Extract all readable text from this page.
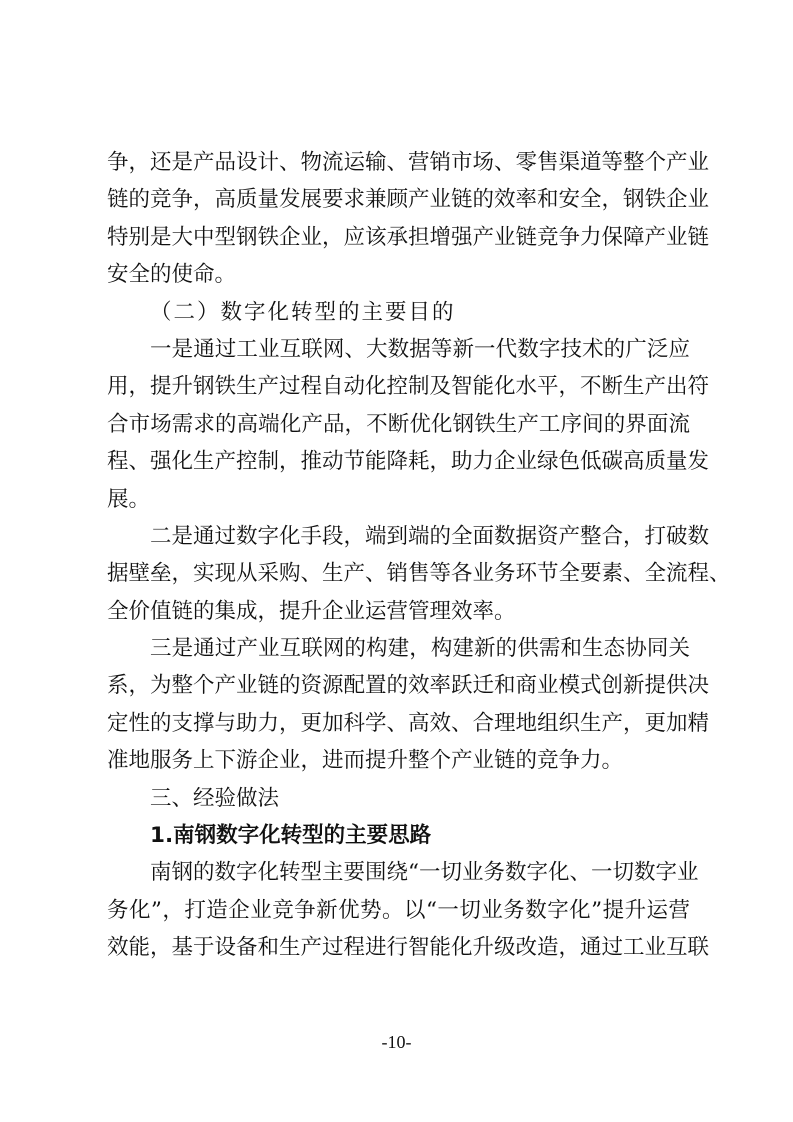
争，还是产品设计、物流运输、营销市场、零售渠道等整个产业
链的竞争，高质量发展要求兼顾产业链的效率和安全，钢铁企业
特别是大中型钢铁企业，应该承担增强产业链竞争力保障产业链
安全的使命。
（二）数字化转型的主要目的
一是通过工业互联网、大数据等新一代数字技术的广泛应
用，提升钢铁生产过程自动化控制及智能化水平，不断生产出符
合市场需求的高端化产品，不断优化钢铁生产工序间的界面流
程、强化生产控制，推动节能降耗，助力企业绿色低碳高质量发
展。
二是通过数字化手段，端到端的全面数据资产整合，打破数
据壁垒，实现从采购、生产、销售等各业务环节全要素、全流程、
全价值链的集成，提升企业运营管理效率。
三是通过产业互联网的构建，构建新的供需和生态协同关
系，为整个产业链的资源配置的效率跃迁和商业模式创新提供决
定性的支撑与助力，更加科学、高效、合理地组织生产，更加精
准地服务上下游企业，进而提升整个产业链的竞争力。
三、经验做法
1.南钢数字化转型的主要思路
南钢的数字化转型主要围绕“一切业务数字化、一切数字业
务化”，打造企业竞争新优势。以“一切业务数字化”提升运营
效能，基于设备和生产过程进行智能化升级改造，通过工业互联
-10-
